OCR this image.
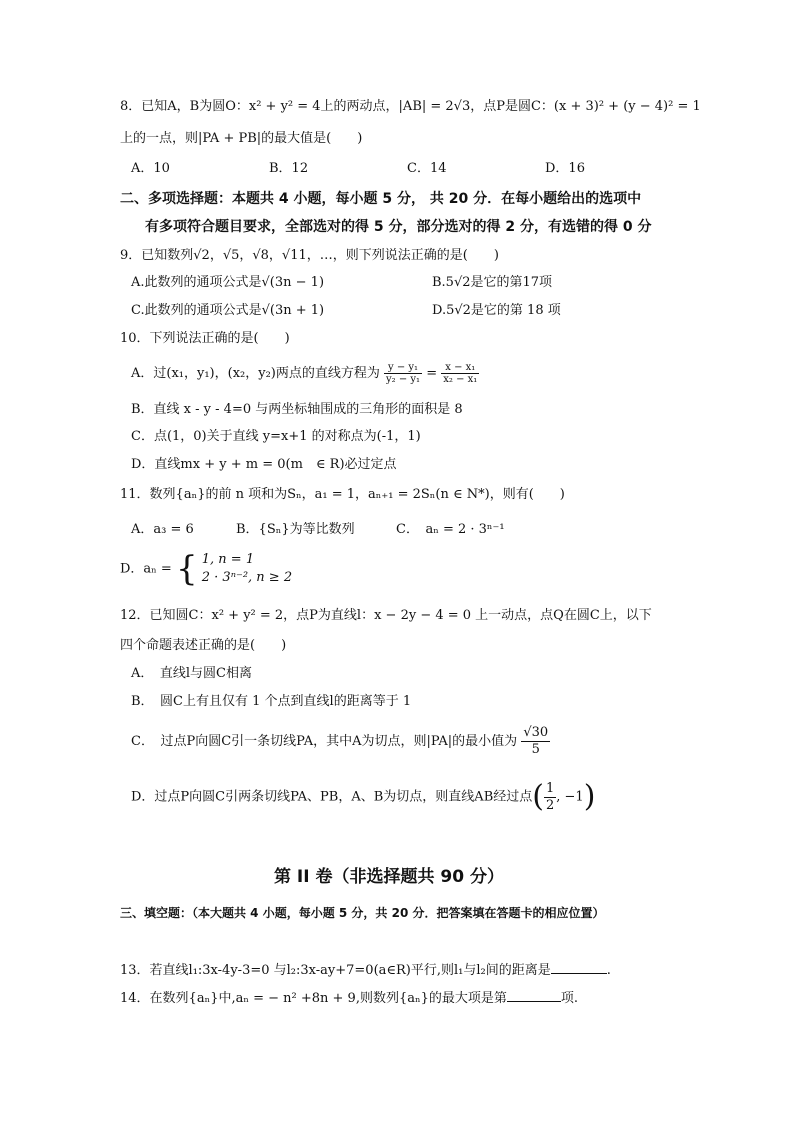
8．已知A，B为圆O：x² + y² = 4上的两动点，|AB| = 2√3，点P是圆C：(x + 3)² + (y − 4)² = 1
上的一点，则|PA + PB|的最大值是(　　)
A．10	B．12	C．14	D．16
二、多项选择题：本题共 4 小题，每小题 5 分， 共 20 分．在每小题给出的选项中
有多项符合题目要求，全部选对的得 5 分，部分选对的得 2 分，有选错的得 0 分
9．已知数列√2，√5，√8，√11，…，则下列说法正确的是(　　)
A.此数列的通项公式是√(3n − 1)	B.5√2是它的第17项
C.此数列的通项公式是√(3n + 1)	D.5√2是它的第 18 项
10．下列说法正确的是(　　)
A．过(x₁，y₁)，(x₂，y₂)两点的直线方程为 $\frac{\text{y − y₁}}{\text{y₂ − y₁}} = \frac{\text{x − x₁}}{\text{x₂ − x₁}}$
B．直线 x - y - 4=0 与两坐标轴围成的三角形的面积是 8
C．点(1，0)关于直线 y=x+1 的对称点为(-1，1)
D．直线mx + y + m = 0(m　∈ R)必过定点
11．数列{aₙ}的前 n 项和为Sₙ，a₁ = 1，aₙ₊₁ = 2Sₙ(n ∈ N*)，则有(　　)
A．a₃ = 6	B．{Sₙ}为等比数列	C．　aₙ = 2 · 3ⁿ⁻¹
D．aₙ = { 1, n = 1
2 · 3ⁿ⁻², n ≥ 2
12．已知圆C：x² + y² = 2，点P为直线l：x − 2y − 4 = 0 上一动点，点Q在圆C上，以下
四个命题表述正确的是(　　)
A．　直线l与圆C相离
B．　圆C上有且仅有 1 个点到直线l的距离等于 1
C．　过点P向圆C引一条切线PA，其中A为切点，则|PA|的最小值为 $\frac{√30}{5}$
D．过点P向圆C引两条切线PA、PB，A、B为切点，则直线AB经过点( $\frac{1}{2}$ , −1)
第 II 卷（非选择题共 90 分）
三、填空题：（本大题共 4 小题，每小题 5 分，共 20 分．把答案填在答题卡的相应位置）
13．若直线l₁:3x-4y-3=0 与l₂:3x-ay+7=0(a∈R)平行,则l₁与l₂间的距离是	.
14．在数列{aₙ}中,aₙ = − n² +8n + 9,则数列{aₙ}的最大项是第	项.
